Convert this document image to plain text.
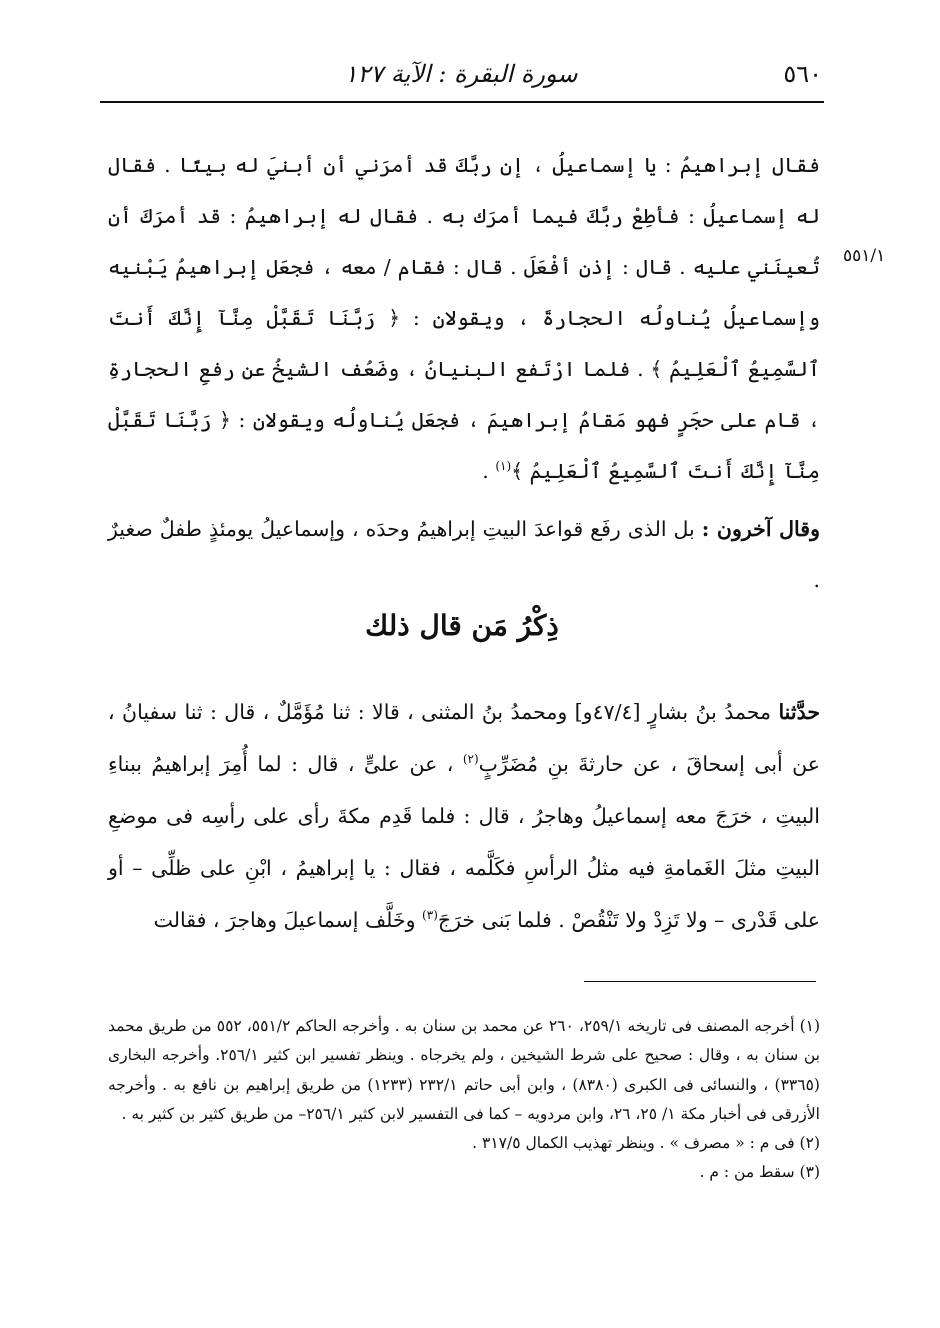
٥٦٠
سورة البقرة : الآية ١٢٧
٥٥١/١

فقال إبراهيمُ : يا إسماعيلُ ، إن ربَّكَ قد أمرَني أن أبنيَ له بيتًا . فقال له إسماعيلُ : فأطِعْ ربَّكَ فيما أمرَك به . فقال له إبراهيمُ : قد أمرَكَ أن تُعينَني عليه . قال : إذن أفْعَلَ . قال : فقام / معه ، فجعَل إبراهيمُ يَبْنيه وإسماعيلُ يُناولُه الحجارةَ ، ويقولان : ﴿ رَبَّنَا تَقَبَّلْ مِنَّآ إِنَّكَ أَنتَ ٱلسَّمِيعُ ٱلْعَلِيمُ ﴾ . فلما ارْتَفع البنيانُ ، وضَعُف الشيخُ عن رفعِ الحجارةِ ، قام على حجَرٍ فهو مَقامُ إبراهيمَ ، فجعَل يُناولُه ويقولان : ﴿ رَبَّنَا تَقَبَّلْ مِنَّآ إِنَّكَ أَنتَ ٱلسَّمِيعُ ٱلْعَلِيمُ ﴾$^{(١)}$ .

وقال آخرون : بل الذى رفَع قواعدَ البيتِ إبراهيمُ وحدَه ، وإسماعيلُ يومئذٍ طفلٌ صغيرٌ .

ذِكْرُ مَن قال ذلك

حدَّثنا محمدُ بنُ بشارٍ [٤٧/٤و] ومحمدُ بنُ المثنى ، قالا : ثنا مُؤَمَّلٌ ، قال : ثنا سفيانُ ، عن أبى إسحاقَ ، عن حارثةَ بنِ مُضَرِّبٍ$^{(٢)}$ ، عن علىٍّ ، قال : لما أُمِرَ إبراهيمُ ببناءِ البيتِ ، خرَجَ معه إسماعيلُ وهاجرُ ، قال : فلما قَدِم مكةَ رأى على رأسِه فى موضعِ البيتِ مثلَ الغَمامةِ فيه مثلُ الرأسِ فكَلَّمه ، فقال : يا إبراهيمُ ، ابْنِ على ظلِّى – أو على قَدْرى – ولا تَزِدْ ولا تَنْقُصْ . فلما بَنى خرَجَ$^{(٣)}$ وخَلَّف إسماعيلَ وهاجرَ ، فقالت

(١) أخرجه المصنف فى تاريخه ٢٥٩/١، ٢٦٠ عن محمد بن سنان به . وأخرجه الحاكم ٥٥١/٢، ٥٥٢ من طريق محمد بن سنان به ، وقال : صحيح على شرط الشيخين ، ولم يخرجاه . وينظر تفسير ابن كثير ٢٥٦/١. وأخرجه البخارى (٣٣٦٥) ، والنسائى فى الكبرى (٨٣٨٠) ، وابن أبى حاتم ٢٣٢/١ (١٢٣٣) من طريق إبراهيم بن نافع به . وأخرجه الأزرقى فى أخبار مكة ١/ ٢٥، ٢٦، وابن مردويه – كما فى التفسير لابن كثير ٢٥٦/١– من طريق كثير بن كثير به .

(٢) فى م : « مصرف » . وينظر تهذيب الكمال ٣١٧/٥ .

(٣) سقط من : م .
